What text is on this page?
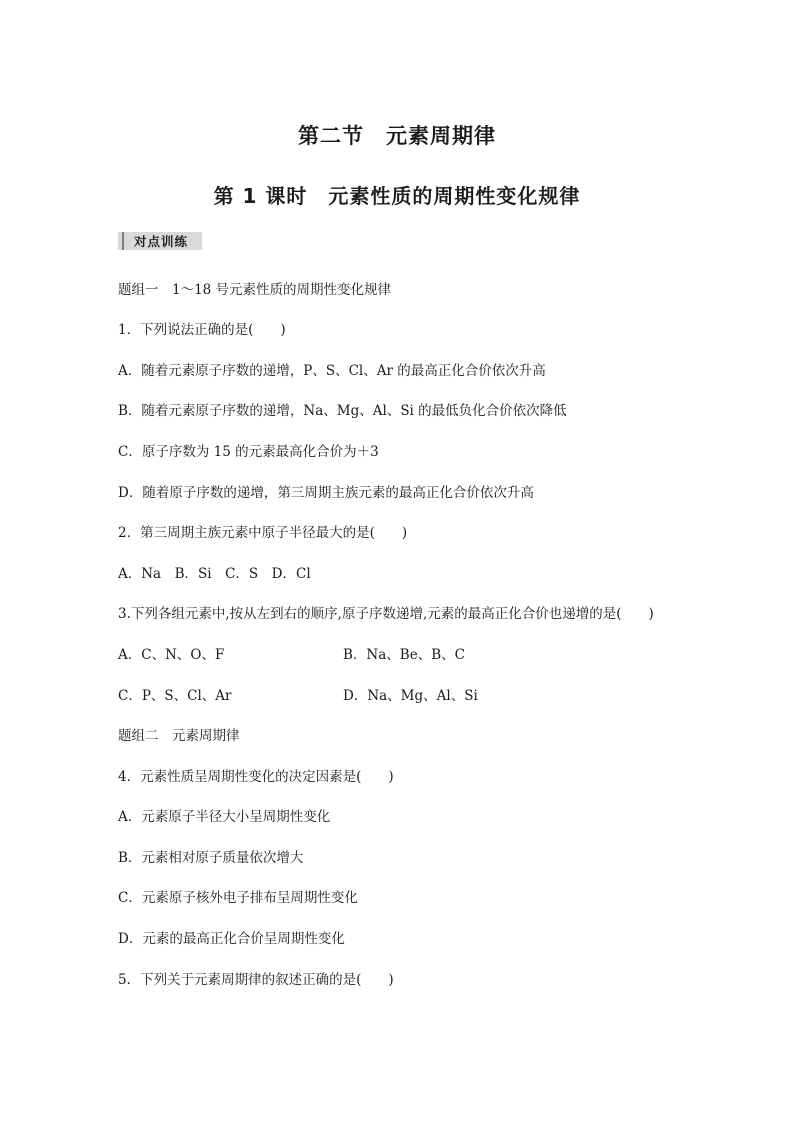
第二节　元素周期律
第 1 课时　元素性质的周期性变化规律
对点训练
题组一　1～18 号元素性质的周期性变化规律
1．下列说法正确的是(　　)
A．随着元素原子序数的递增，P、S、Cl、Ar 的最高正化合价依次升高
B．随着元素原子序数的递增，Na、Mg、Al、Si 的最低负化合价依次降低
C．原子序数为 15 的元素最高化合价为＋3
D．随着原子序数的递增，第三周期主族元素的最高正化合价依次升高
2．第三周期主族元素中原子半径最大的是(　　)
A．Na　B．Si　C．S　D．Cl
3.下列各组元素中,按从左到右的顺序,原子序数递增,元素的最高正化合价也递增的是(　　)
A．C、N、O、F	B．Na、Be、B、C
C．P、S、Cl、Ar	D．Na、Mg、Al、Si
题组二　元素周期律
4．元素性质呈周期性变化的决定因素是(　　)
A．元素原子半径大小呈周期性变化
B．元素相对原子质量依次增大
C．元素原子核外电子排布呈周期性变化
D．元素的最高正化合价呈周期性变化
5．下列关于元素周期律的叙述正确的是(　　)
